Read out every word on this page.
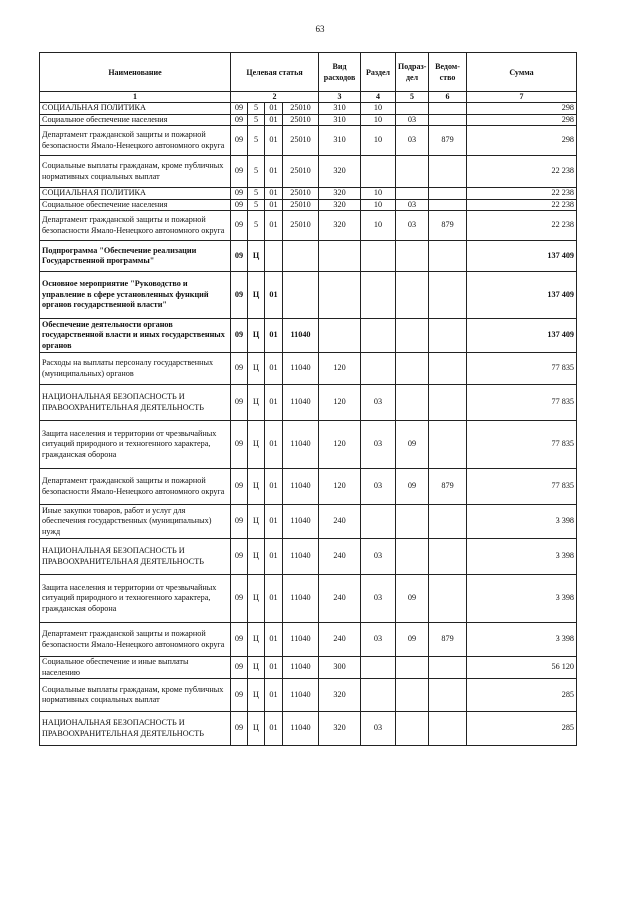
63
Наименование	Целевая статья				Вид расходов	Раздел	Подраз-дел	Ведом-ство	Сумма
1	2				3	4	5	6	7
СОЦИАЛЬНАЯ ПОЛИТИКА	09	5	01	25010	310	10			298
Социальное обеспечение населения	09	5	01	25010	310	10	03		298
Департамент гражданской защиты и пожарной безопасности Ямало-Ненецкого автономного округа	09	5	01	25010	310	10	03	879	298
Социальные выплаты гражданам, кроме публичных нормативных социальных выплат	09	5	01	25010	320				22 238
СОЦИАЛЬНАЯ ПОЛИТИКА	09	5	01	25010	320	10			22 238
Социальное обеспечение населения	09	5	01	25010	320	10	03		22 238
Департамент гражданской защиты и пожарной безопасности Ямало-Ненецкого автономного округа	09	5	01	25010	320	10	03	879	22 238
Подпрограмма "Обеспечение реализации Государственной программы"	09	Ц							137 409
Основное мероприятие "Руководство и управление в сфере установленных функций органов государственной власти"	09	Ц	01						137 409
Обеспечение деятельности органов государственной власти и иных государственных органов	09	Ц	01	11040					137 409
Расходы на выплаты персоналу государственных (муниципальных) органов	09	Ц	01	11040	120				77 835
НАЦИОНАЛЬНАЯ БЕЗОПАСНОСТЬ И ПРАВООХРАНИТЕЛЬНАЯ ДЕЯТЕЛЬНОСТЬ	09	Ц	01	11040	120	03			77 835
Защита населения и территории от чрезвычайных ситуаций природного и техногенного характера, гражданская оборона	09	Ц	01	11040	120	03	09		77 835
Департамент гражданской защиты и пожарной безопасности Ямало-Ненецкого автономного округа	09	Ц	01	11040	120	03	09	879	77 835
Иные закупки товаров, работ и услуг для обеспечения государственных (муниципальных) нужд	09	Ц	01	11040	240				3 398
НАЦИОНАЛЬНАЯ БЕЗОПАСНОСТЬ И ПРАВООХРАНИТЕЛЬНАЯ ДЕЯТЕЛЬНОСТЬ	09	Ц	01	11040	240	03			3 398
Защита населения и территории от чрезвычайных ситуаций природного и техногенного характера, гражданская оборона	09	Ц	01	11040	240	03	09		3 398
Департамент гражданской защиты и пожарной безопасности Ямало-Ненецкого автономного округа	09	Ц	01	11040	240	03	09	879	3 398
Социальное обеспечение и иные выплаты населению	09	Ц	01	11040	300				56 120
Социальные выплаты гражданам, кроме публичных нормативных социальных выплат	09	Ц	01	11040	320				285
НАЦИОНАЛЬНАЯ БЕЗОПАСНОСТЬ И ПРАВООХРАНИТЕЛЬНАЯ ДЕЯТЕЛЬНОСТЬ	09	Ц	01	11040	320	03			285
